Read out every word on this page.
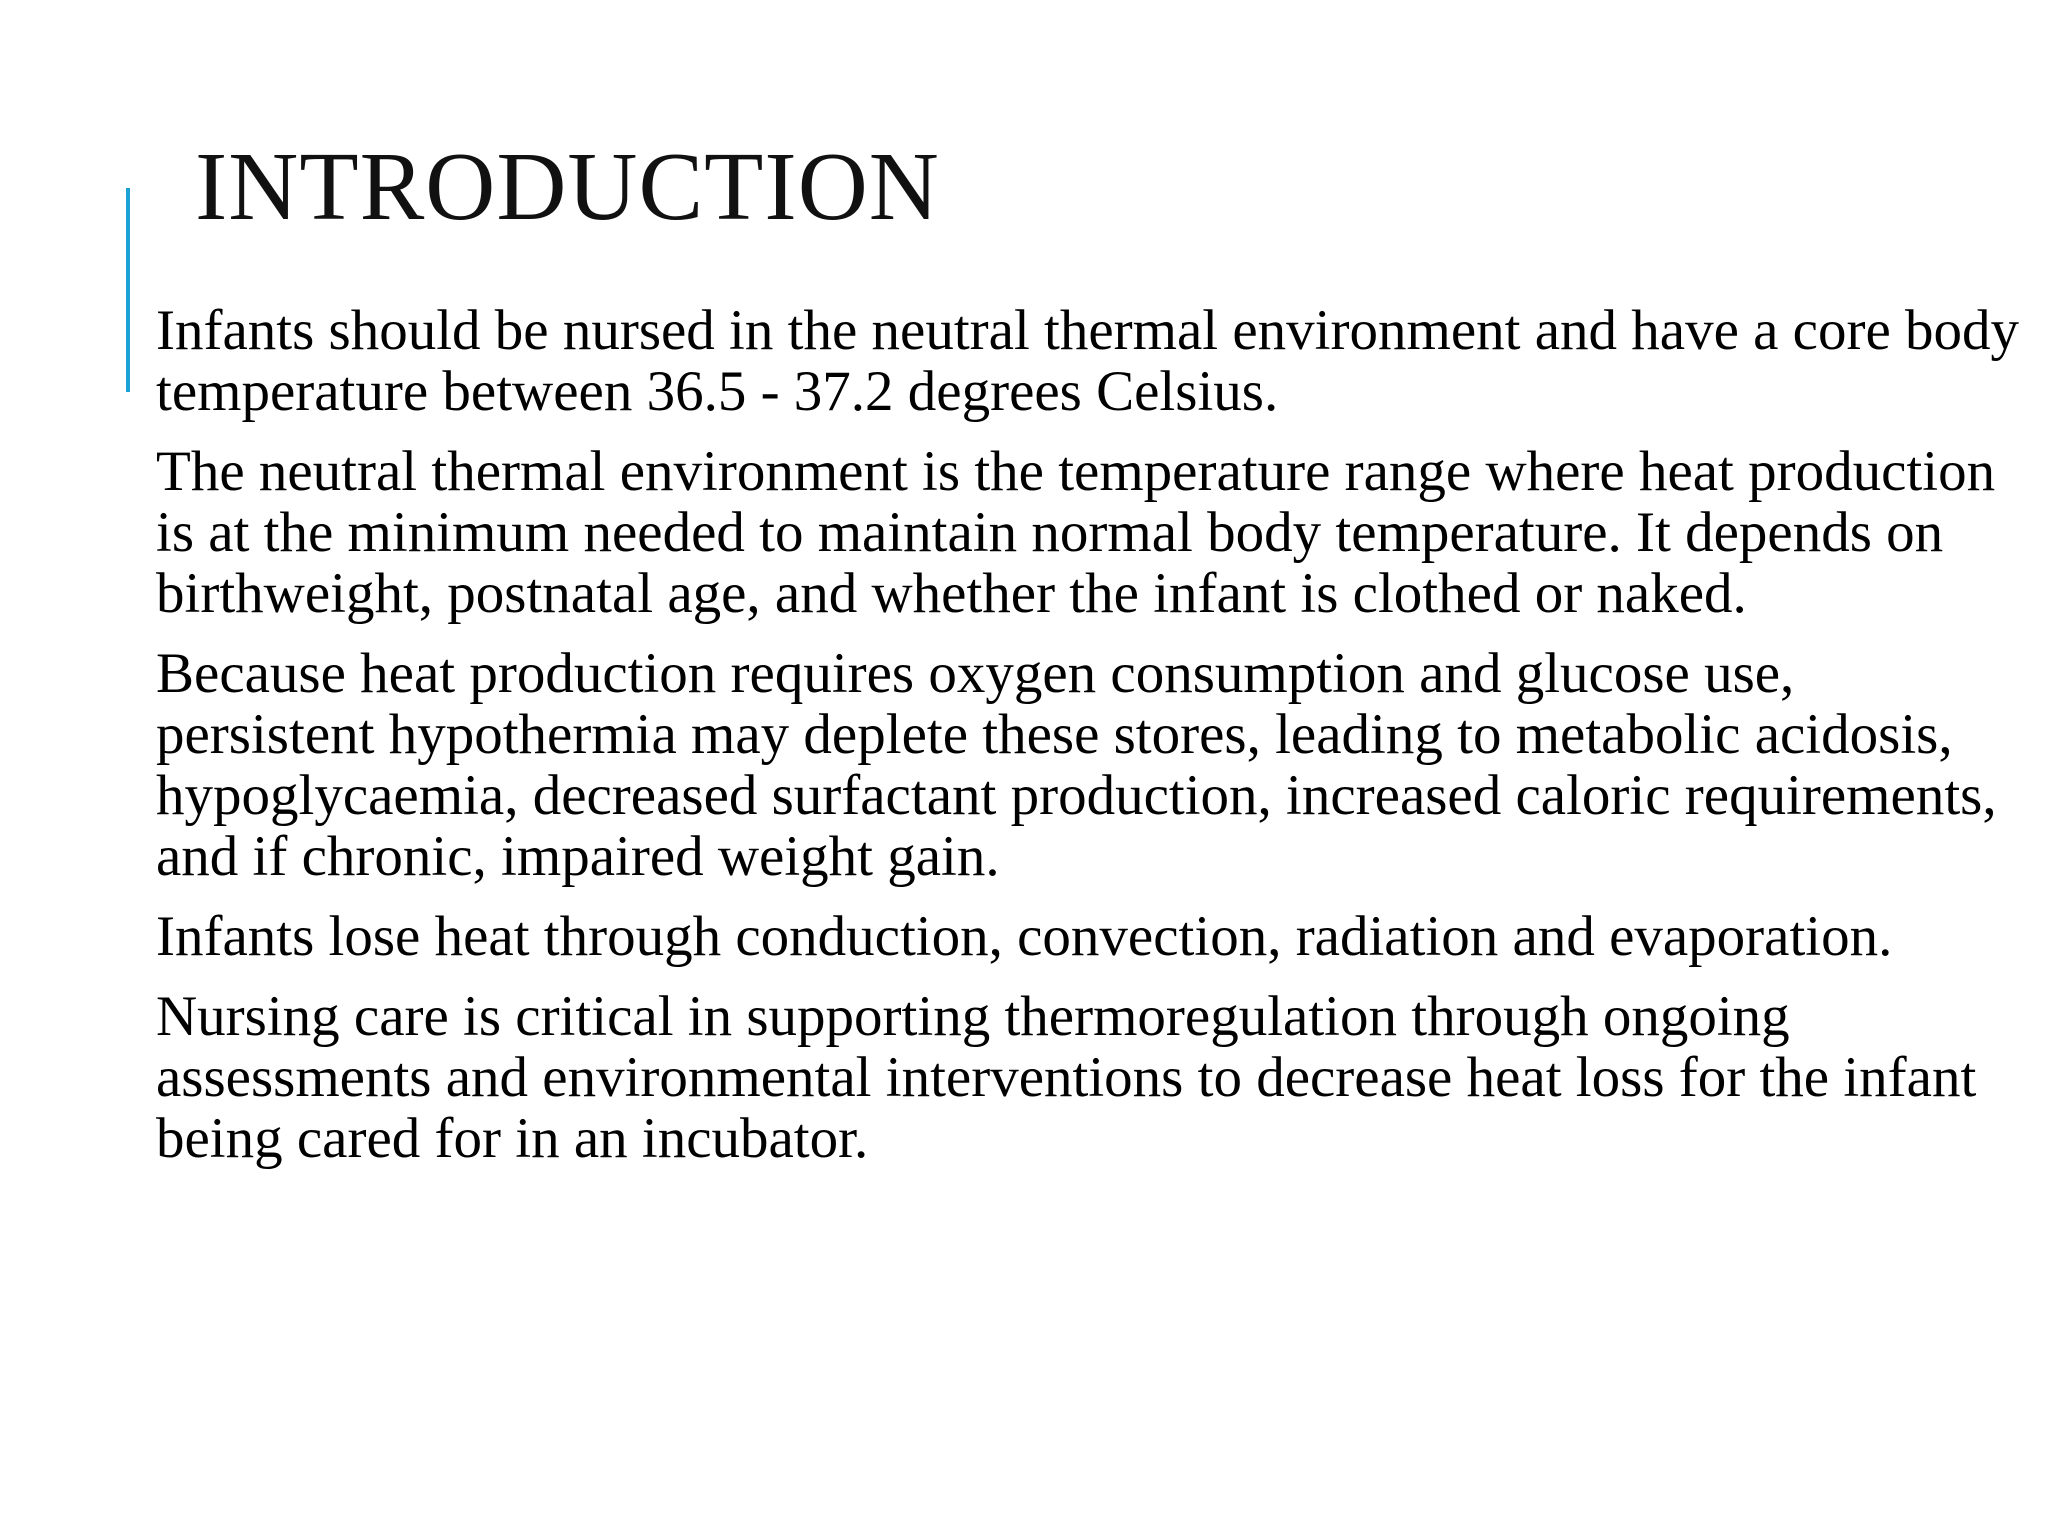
INTRODUCTION

Infants should be nursed in the neutral thermal environment and have a core body temperature between 36.5 - 37.2 degrees Celsius.

The neutral thermal environment is the temperature range where heat production is at the minimum needed to maintain normal body temperature. It depends on birthweight, postnatal age, and whether the infant is clothed or naked.

Because heat production requires oxygen consumption and glucose use, persistent hypothermia may deplete these stores, leading to metabolic acidosis, hypoglycaemia, decreased surfactant production, increased caloric requirements, and if chronic, impaired weight gain.

Infants lose heat through conduction, convection, radiation and evaporation.

Nursing care is critical in supporting thermoregulation through ongoing assessments and environmental interventions to decrease heat loss for the infant being cared for in an incubator.
